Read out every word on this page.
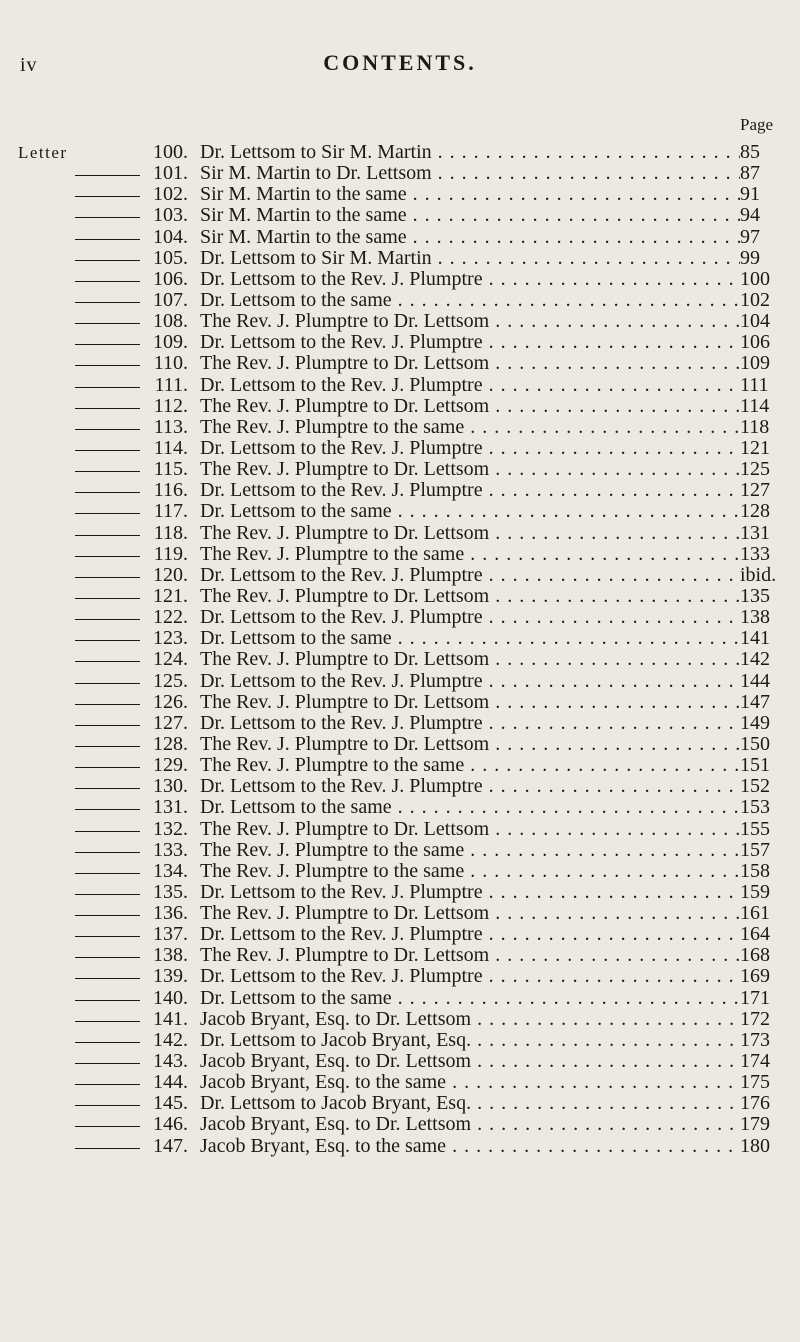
iv	CONTENTS.
Page
Letter	100. Dr. Lettsom to Sir M. Martin . . .	85
101. Sir M. Martin to Dr. Lettsom . . .	87
102. Sir M. Martin to the same . . .	91
103. Sir M. Martin to the same . . .	94
104. Sir M. Martin to the same . . .	97
105. Dr. Lettsom to Sir M. Martin . . .	99
106. Dr. Lettsom to the Rev. J. Plumptre . . .	100
107. Dr. Lettsom to the same . . .	102
108. The Rev. J. Plumptre to Dr. Lettsom . . .	104
109. Dr. Lettsom to the Rev. J. Plumptre . . .	106
110. The Rev. J. Plumptre to Dr. Lettsom . . .	109
111. Dr. Lettsom to the Rev. J. Plumptre . . .	111
112. The Rev. J. Plumptre to Dr. Lettsom . . .	114
113. The Rev. J. Plumptre to the same . . .	118
114. Dr. Lettsom to the Rev. J. Plumptre . . .	121
115. The Rev. J. Plumptre to Dr. Lettsom . . .	125
116. Dr. Lettsom to the Rev. J. Plumptre . . .	127
117. Dr. Lettsom to the same . . .	128
118. The Rev. J. Plumptre to Dr. Lettsom . . .	131
119. The Rev. J. Plumptre to the same . . .	133
120. Dr. Lettsom to the Rev. J. Plumptre . . .	ibid.
121. The Rev. J. Plumptre to Dr. Lettsom . . .	135
122. Dr. Lettsom to the Rev. J. Plumptre . . .	138
123. Dr. Lettsom to the same . . .	141
124. The Rev. J. Plumptre to Dr. Lettsom . . .	142
125. Dr. Lettsom to the Rev. J. Plumptre . . .	144
126. The Rev. J. Plumptre to Dr. Lettsom . . .	147
127. Dr. Lettsom to the Rev. J. Plumptre . . .	149
128. The Rev. J. Plumptre to Dr. Lettsom . . .	150
129. The Rev. J. Plumptre to the same . . .	151
130. Dr. Lettsom to the Rev. J. Plumptre . . .	152
131. Dr. Lettsom to the same . . .	153
132. The Rev. J. Plumptre to Dr. Lettsom . . .	155
133. The Rev. J. Plumptre to the same . . .	157
134. The Rev. J. Plumptre to the same . . .	158
135. Dr. Lettsom to the Rev. J. Plumptre . . .	159
136. The Rev. J. Plumptre to Dr. Lettsom . . .	161
137. Dr. Lettsom to the Rev. J. Plumptre . . .	164
138. The Rev. J. Plumptre to Dr. Lettsom . . .	168
139. Dr. Lettsom to the Rev. J. Plumptre . . .	169
140. Dr. Lettsom to the same . . .	171
141. Jacob Bryant, Esq. to Dr. Lettsom . . .	172
142. Dr. Lettsom to Jacob Bryant, Esq. . . .	173
143. Jacob Bryant, Esq. to Dr. Lettsom . . .	174
144. Jacob Bryant, Esq. to the same . . .	175
145. Dr. Lettsom to Jacob Bryant, Esq. . . .	176
146. Jacob Bryant, Esq. to Dr. Lettsom . . .	179
147. Jacob Bryant, Esq. to the same . . .	180
